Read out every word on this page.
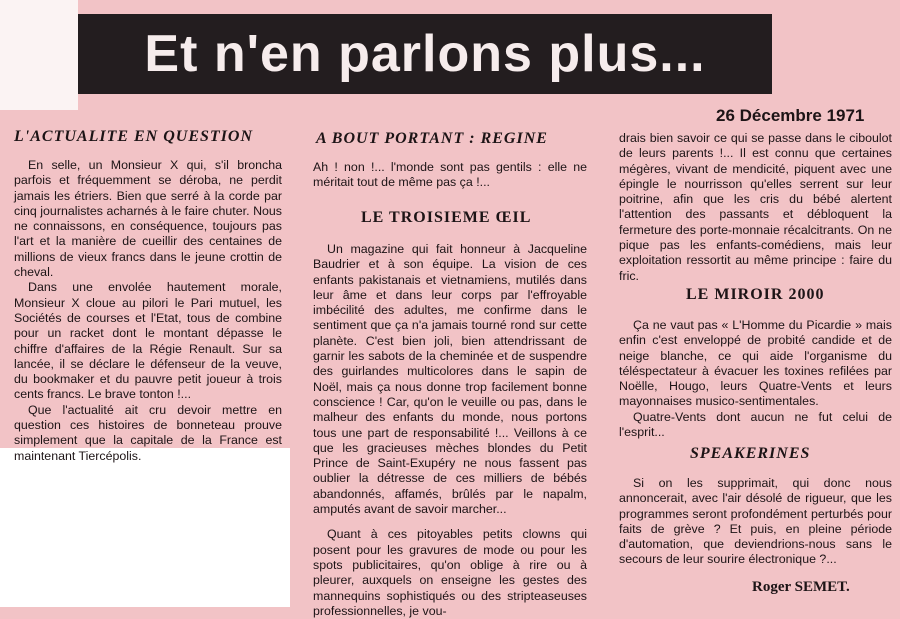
Et n'en parlons plus...
26 Décembre 1971
L'ACTUALITE EN QUESTION

En selle, un Monsieur X qui, s'il broncha parfois et fréquemment se déroba, ne perdit jamais les étriers. Bien que serré à la corde par cinq journalistes acharnés à le faire chuter. Nous ne connaissons, en conséquence, toujours pas l'art et la manière de cueillir des centaines de millions de vieux francs dans le jeune crottin de cheval.

Dans une envolée hautement morale, Monsieur X cloue au pilori le Pari mutuel, les Sociétés de courses et l'Etat, tous de combine pour un racket dont le montant dépasse le chiffre d'affaires de la Régie Renault. Sur sa lancée, il se déclare le défenseur de la veuve, du bookmaker et du pauvre petit joueur à trois cents francs. Le brave tonton !...

Que l'actualité ait cru devoir mettre en question ces histoires de bonneteau prouve simplement que la capitale de la France est maintenant Tiercépolis.

A BOUT PORTANT : REGINE

Ah ! non !... l'monde sont pas gentils : elle ne méritait tout de même pas ça !...

LE TROISIEME ŒIL

Un magazine qui fait honneur à Jacqueline Baudrier et à son équipe. La vision de ces enfants pakistanais et vietnamiens, mutilés dans leur âme et dans leur corps par l'effroyable imbécilité des adultes, me confirme dans le sentiment que ça n'a jamais tourné rond sur cette planète. C'est bien joli, bien attendrissant de garnir les sabots de la cheminée et de suspendre des guirlandes multicolores dans le sapin de Noël, mais ça nous donne trop facilement bonne conscience ! Car, qu'on le veuille ou pas, dans le malheur des enfants du monde, nous portons tous une part de responsabilité !... Veillons à ce que les gracieuses mèches blondes du Petit Prince de Saint-Exupéry ne nous fassent pas oublier la détresse de ces milliers de bébés abandonnés, affamés, brûlés par le napalm, amputés avant de savoir marcher...

Quant à ces pitoyables petits clowns qui posent pour les gravures de mode ou pour les spots publicitaires, qu'on oblige à rire ou à pleurer, auxquels on enseigne les gestes des mannequins sophistiqués ou des stripteaseuses professionnelles, je vou-

drais bien savoir ce qui se passe dans le ciboulot de leurs parents !... Il est connu que certaines mégères, vivant de mendicité, piquent avec une épingle le nourrisson qu'elles serrent sur leur poitrine, afin que les cris du bébé alertent l'attention des passants et débloquent la fermeture des porte-monnaie récalcitrants. On ne pique pas les enfants-comédiens, mais leur exploitation ressortit au même principe : faire du fric.

LE MIROIR 2000

Ça ne vaut pas « L'Homme du Picardie » mais enfin c'est enveloppé de probité candide et de neige blanche, ce qui aide l'organisme du téléspectateur à évacuer les toxines refilées par Noëlle, Hougo, leurs Quatre-Vents et leurs mayonnaises musico-sentimentales.

Quatre-Vents dont aucun ne fut celui de l'esprit...

SPEAKERINES

Si on les supprimait, qui donc nous annoncerait, avec l'air désolé de rigueur, que les programmes seront profondément perturbés pour faits de grève ? Et puis, en pleine période d'automation, que deviendrions-nous sans le secours de leur sourire électronique ?...

Roger SEMET.
